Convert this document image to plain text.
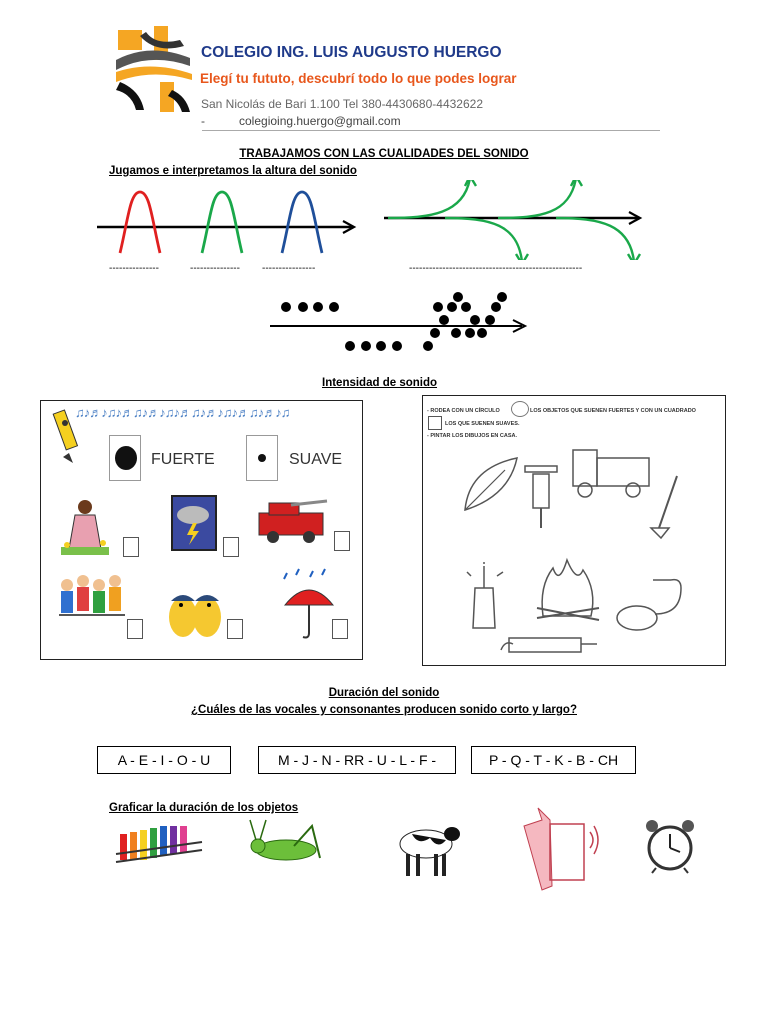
COLEGIO ING. LUIS AUGUSTO HUERGO
Elegí tu fututo, descubrí todo lo que podes lograr
San Nicolás de Bari 1.100 Tel 380-4430680-4432622
-	colegioing.huergo@gmail.com
TRABAJAMOS CON LAS CUALIDADES DEL SONIDO
Jugamos e interpretamos la altura del sonido
---------------	--------------- ----------------	----------------------------------------------------
Intensidad de sonido
♫♪♬♪♫♪♬♫♪♬♪♫♪♬♫♪♬♪♫♪♬♫♪♬♪♫
FUERTE	SUAVE
- RODEA CON UN CÍRCULO	LOS OBJETOS QUE SUENEN FUERTES Y CON UN CUADRADO
LOS QUE SUENEN SUAVES.
- PINTAR LOS DIBUJOS EN CASA.
Duración del sonido
¿Cuáles de las vocales y consonantes producen sonido corto y largo?
A - E - I - O - U	M - J - N - RR - U - L - F -	P - Q - T - K - B - CH
Graficar la duración de los objetos
